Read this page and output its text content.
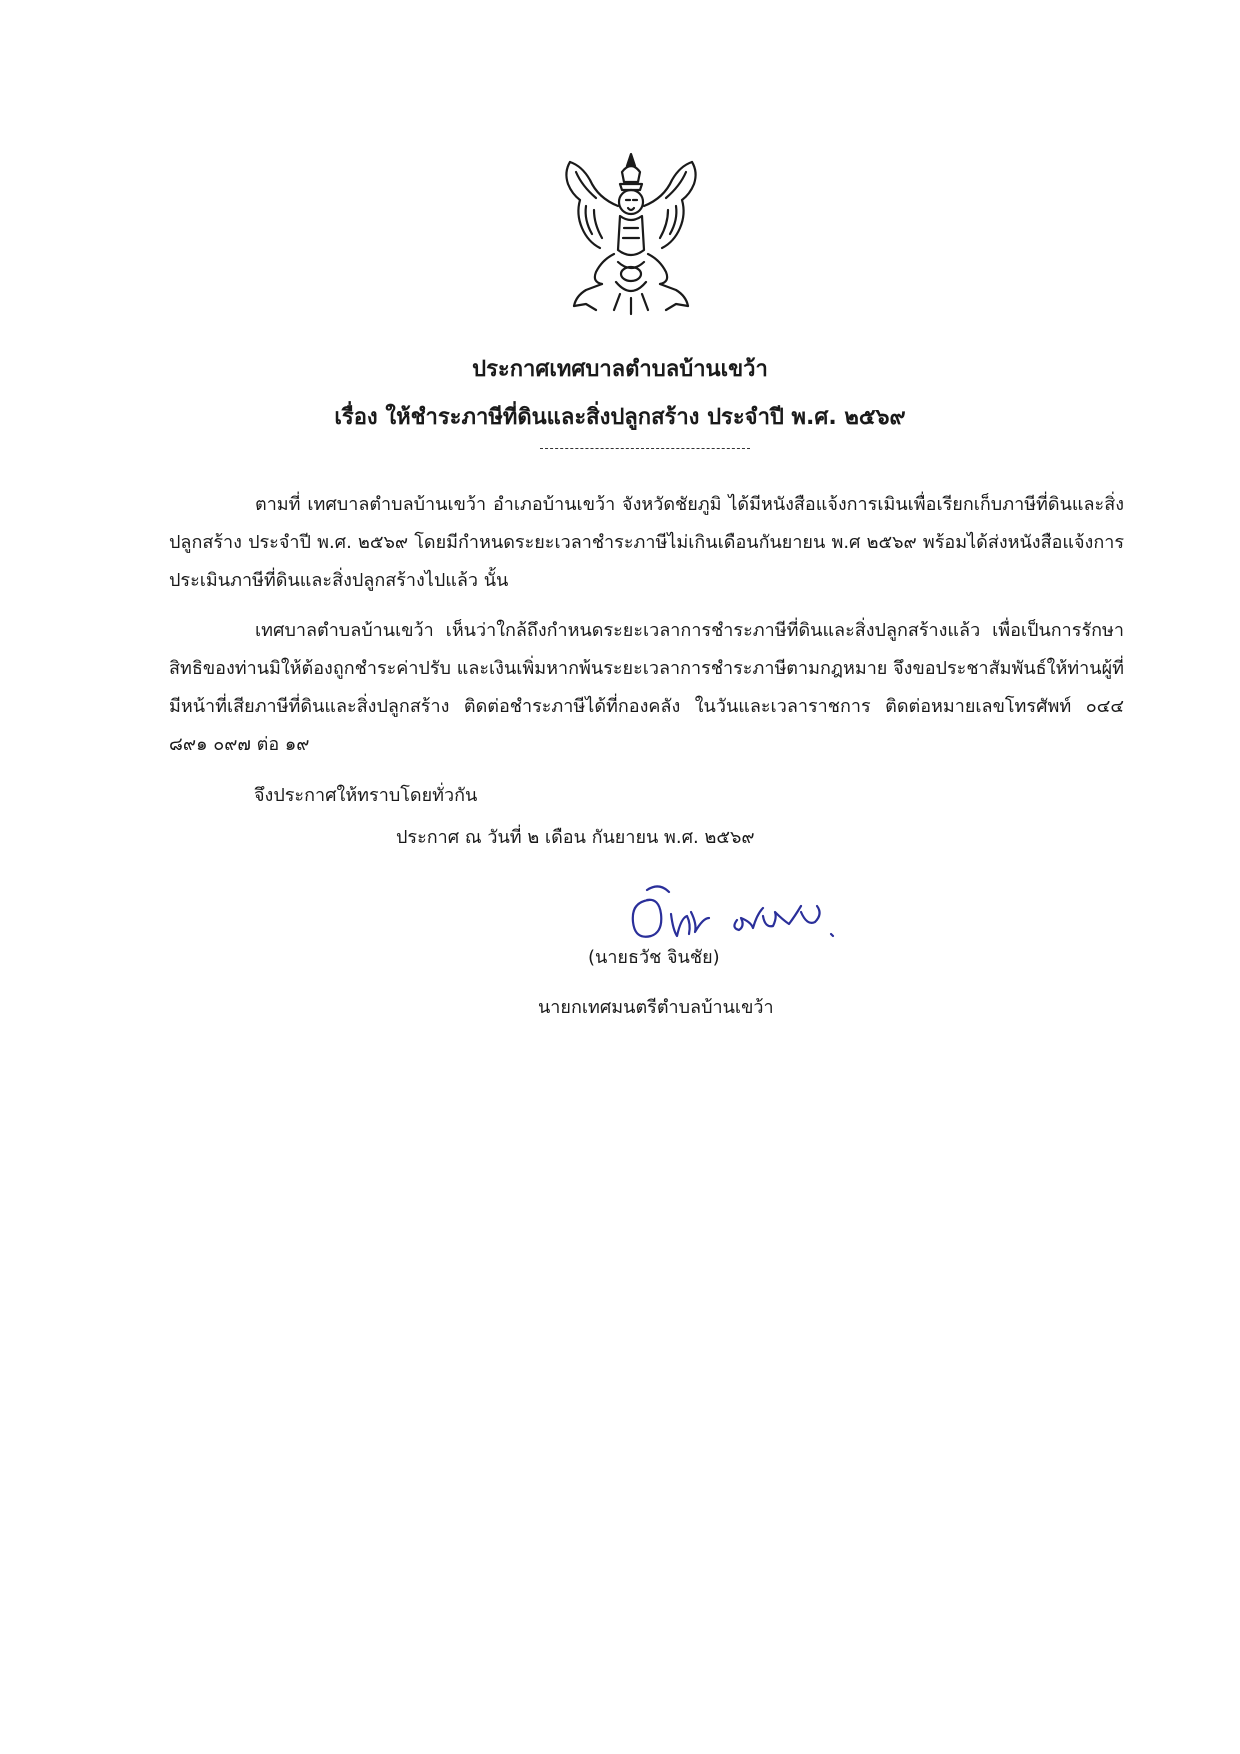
ประกาศเทศบาลตำบลบ้านเขว้า
เรื่อง ให้ชำระภาษีที่ดินและสิ่งปลูกสร้าง ประจำปี พ.ศ. ๒๕๖๙
ตามที่ เทศบาลตำบลบ้านเขว้า อำเภอบ้านเขว้า จังหวัดชัยภูมิ ได้มีหนังสือแจ้งการเมินเพื่อเรียกเก็บภาษีที่ดินและสิ่งปลูกสร้าง ประจำปี พ.ศ. ๒๕๖๙ โดยมีกำหนดระยะเวลาชำระภาษีไม่เกินเดือนกันยายน พ.ศ ๒๕๖๙ พร้อมได้ส่งหนังสือแจ้งการประเมินภาษีที่ดินและสิ่งปลูกสร้างไปแล้ว นั้น
เทศบาลตำบลบ้านเขว้า เห็นว่าใกล้ถึงกำหนดระยะเวลาการชำระภาษีที่ดินและสิ่งปลูกสร้างแล้ว เพื่อเป็นการรักษาสิทธิของท่านมิให้ต้องถูกชำระค่าปรับ และเงินเพิ่มหากพ้นระยะเวลาการชำระภาษีตามกฎหมาย จึงขอประชาสัมพันธ์ให้ท่านผู้ที่มีหน้าที่เสียภาษีที่ดินและสิ่งปลูกสร้าง ติดต่อชำระภาษีได้ที่กองคลัง ในวันและเวลาราชการ ติดต่อหมายเลขโทรศัพท์ ๐๔๔ ๘๙๑ ๐๙๗ ต่อ ๑๙
จึงประกาศให้ทราบโดยทั่วกัน
ประกาศ ณ วันที่ ๒ เดือน กันยายน พ.ศ. ๒๕๖๙
(นายธวัช จินชัย)
นายกเทศมนตรีตำบลบ้านเขว้า
